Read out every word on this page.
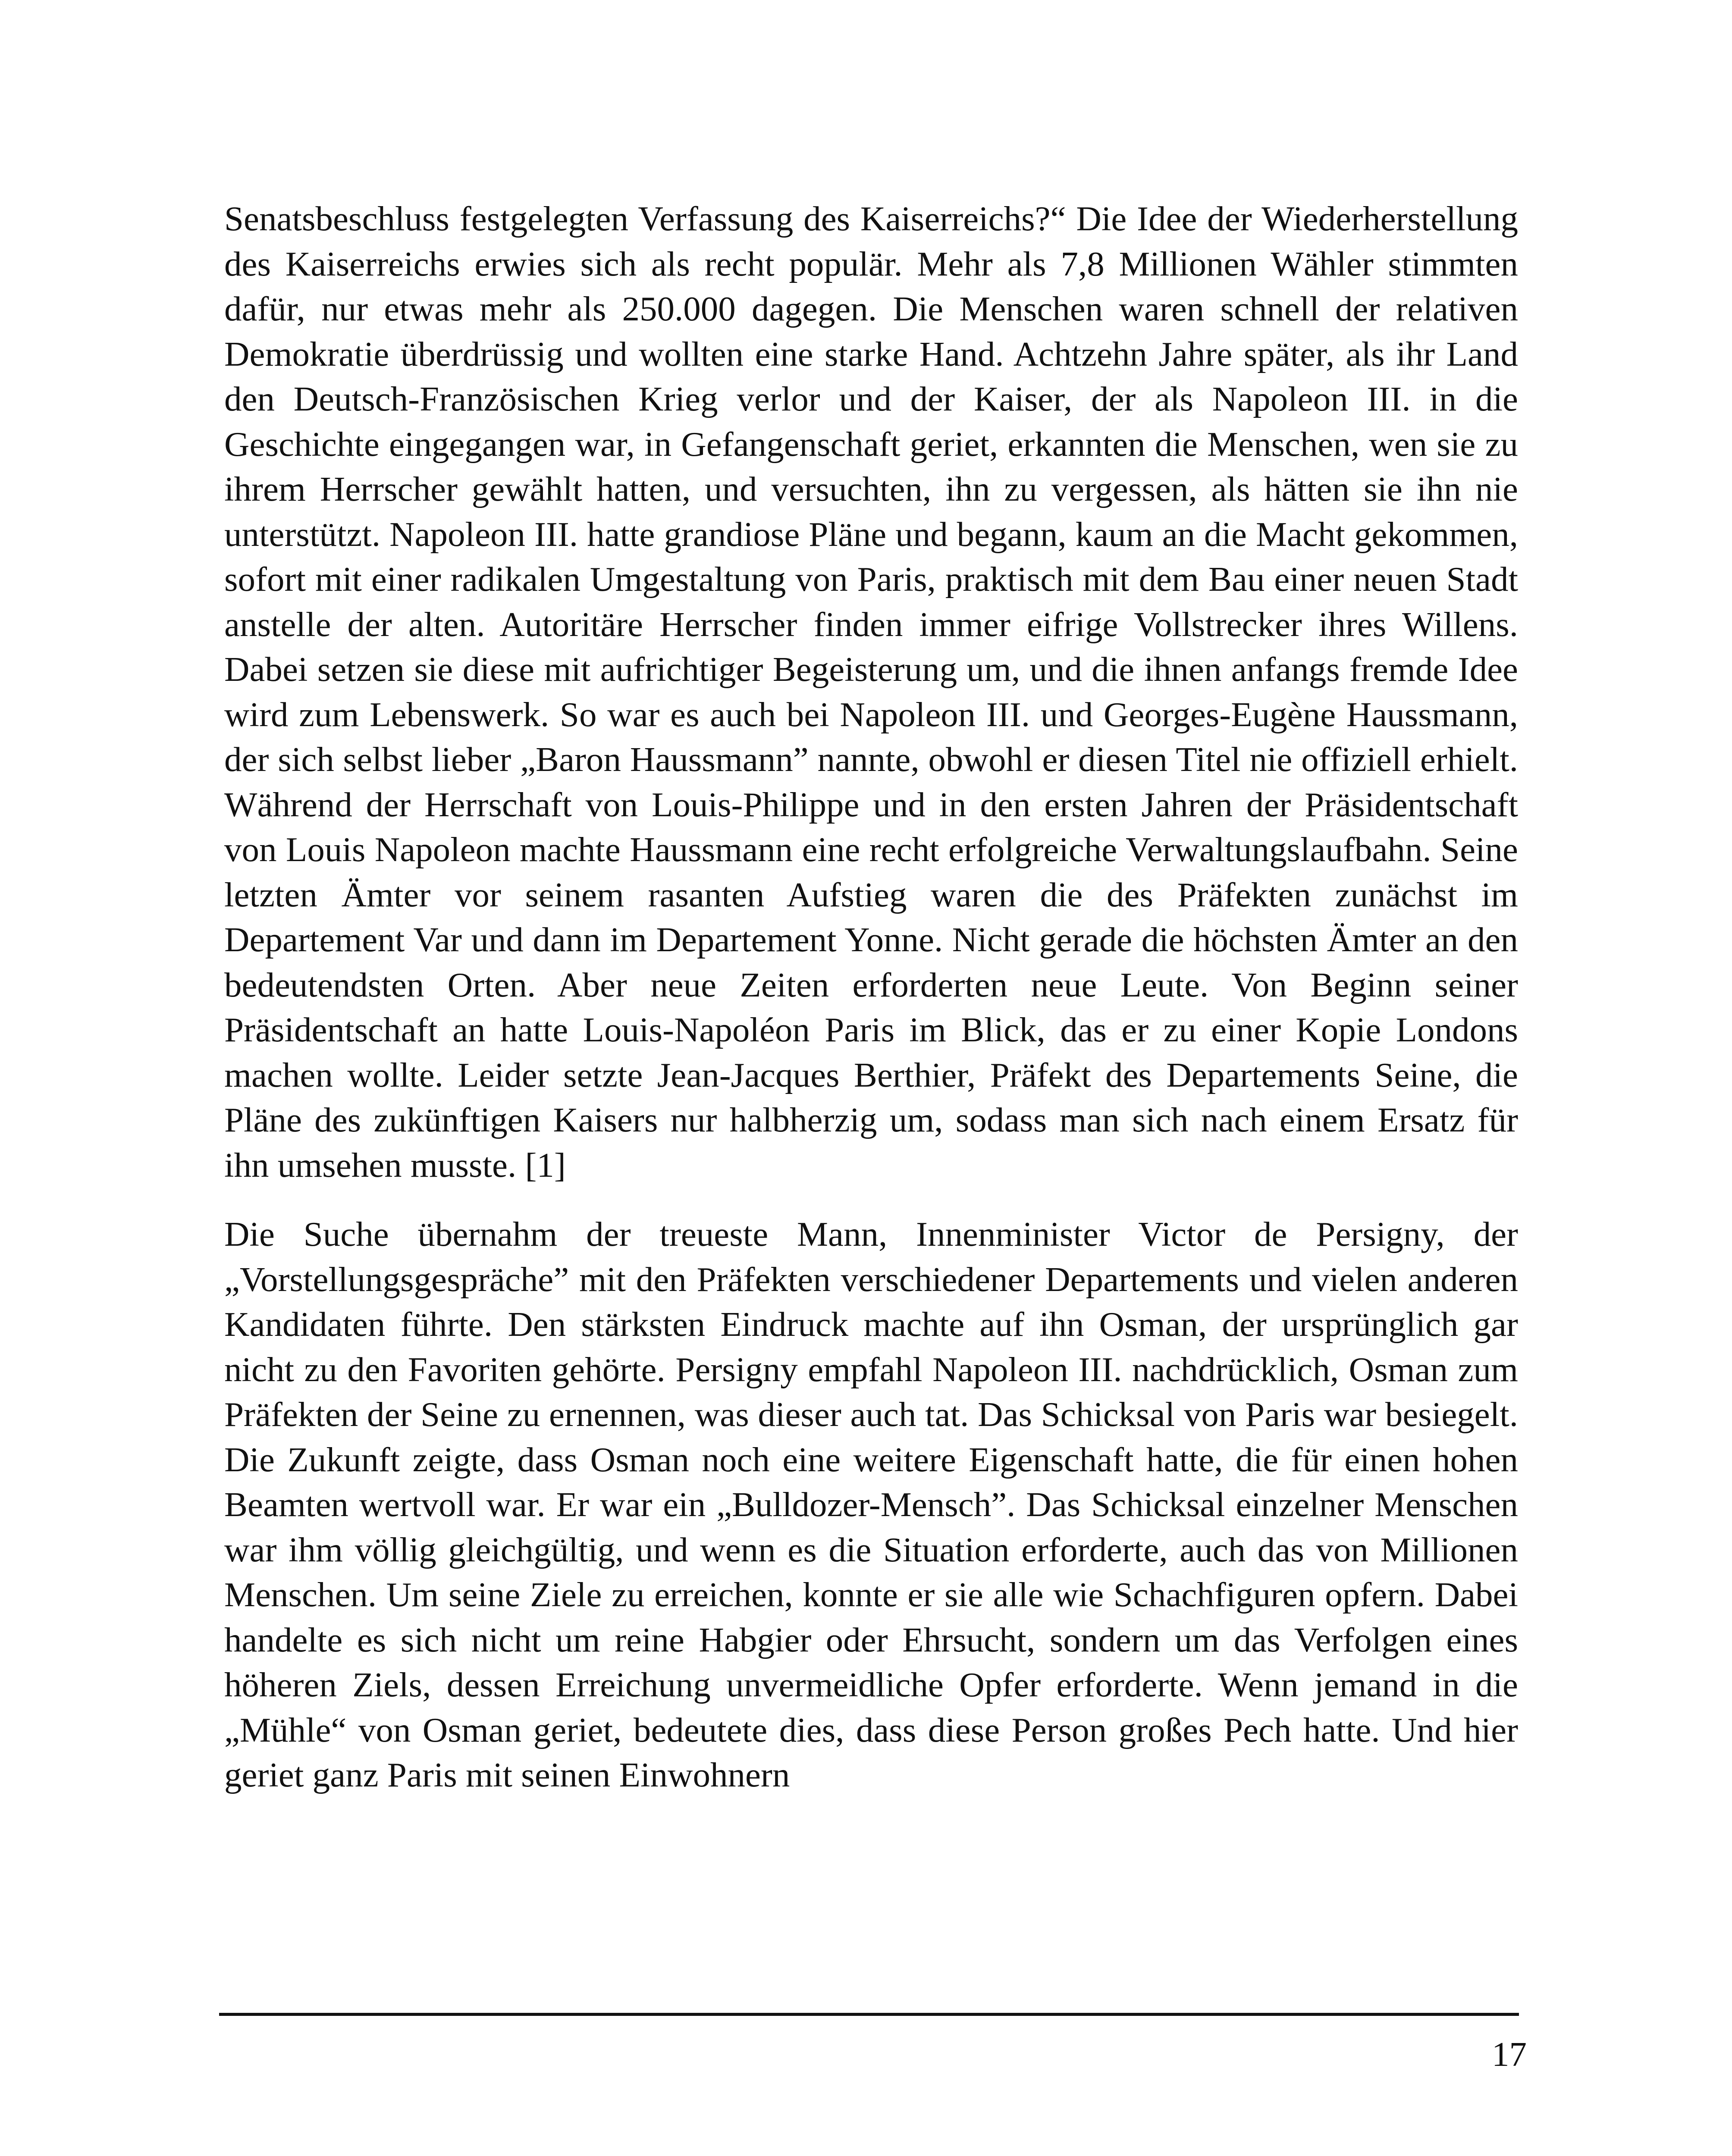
Senatsbeschluss festgelegten Verfassung des Kaiserreichs?“ Die Idee der Wiederherstellung des Kaiserreichs erwies sich als recht populär. Mehr als 7,8 Millionen Wähler stimmten dafür, nur etwas mehr als 250.000 dagegen. Die Menschen waren schnell der relativen Demokratie überdrüssig und wollten eine starke Hand. Achtzehn Jahre später, als ihr Land den Deutsch-Französischen Krieg verlor und der Kaiser, der als Napoleon III. in die Geschichte eingegangen war, in Gefangenschaft geriet, erkannten die Menschen, wen sie zu ihrem Herrscher gewählt hatten, und versuchten, ihn zu vergessen, als hätten sie ihn nie unterstützt. Napoleon III. hatte grandiose Pläne und begann, kaum an die Macht gekommen, sofort mit einer radikalen Umgestaltung von Paris, praktisch mit dem Bau einer neuen Stadt anstelle der alten. Autoritäre Herrscher finden immer eifrige Vollstrecker ihres Willens. Dabei setzen sie diese mit aufrichtiger Begeisterung um, und die ihnen anfangs fremde Idee wird zum Lebenswerk. So war es auch bei Napoleon III. und Georges-Eugène Haussmann, der sich selbst lieber „Baron Haussmann” nannte, obwohl er diesen Titel nie offiziell erhielt. Während der Herrschaft von Louis-Philippe und in den ersten Jahren der Präsidentschaft von Louis Napoleon machte Haussmann eine recht erfolgreiche Verwaltungslaufbahn. Seine letzten Ämter vor seinem rasanten Aufstieg waren die des Präfekten zunächst im Departement Var und dann im Departement Yonne. Nicht gerade die höchsten Ämter an den bedeutendsten Orten. Aber neue Zeiten erforderten neue Leute. Von Beginn seiner Präsidentschaft an hatte Louis-Napoléon Paris im Blick, das er zu einer Kopie Londons machen wollte. Leider setzte Jean-Jacques Berthier, Präfekt des Departements Seine, die Pläne des zukünftigen Kaisers nur halbherzig um, sodass man sich nach einem Ersatz für ihn umsehen musste. [1]

Die Suche übernahm der treueste Mann, Innenminister Victor de Persigny, der „Vorstellungsgespräche” mit den Präfekten verschiedener Departements und vielen anderen Kandidaten führte. Den stärksten Eindruck machte auf ihn Osman, der ursprünglich gar nicht zu den Favoriten gehörte. Persigny empfahl Napoleon III. nachdrücklich, Osman zum Präfekten der Seine zu ernennen, was dieser auch tat. Das Schicksal von Paris war besiegelt. Die Zukunft zeigte, dass Osman noch eine weitere Eigenschaft hatte, die für einen hohen Beamten wertvoll war. Er war ein „Bulldozer-Mensch”. Das Schicksal einzelner Menschen war ihm völlig gleichgültig, und wenn es die Situation erforderte, auch das von Millionen Menschen. Um seine Ziele zu erreichen, konnte er sie alle wie Schachfiguren opfern. Dabei handelte es sich nicht um reine Habgier oder Ehrsucht, sondern um das Verfolgen eines höheren Ziels, dessen Erreichung unvermeidliche Opfer erforderte. Wenn jemand in die „Mühle“ von Osman geriet, bedeutete dies, dass diese Person großes Pech hatte. Und hier geriet ganz Paris mit seinen Einwohnern

17
